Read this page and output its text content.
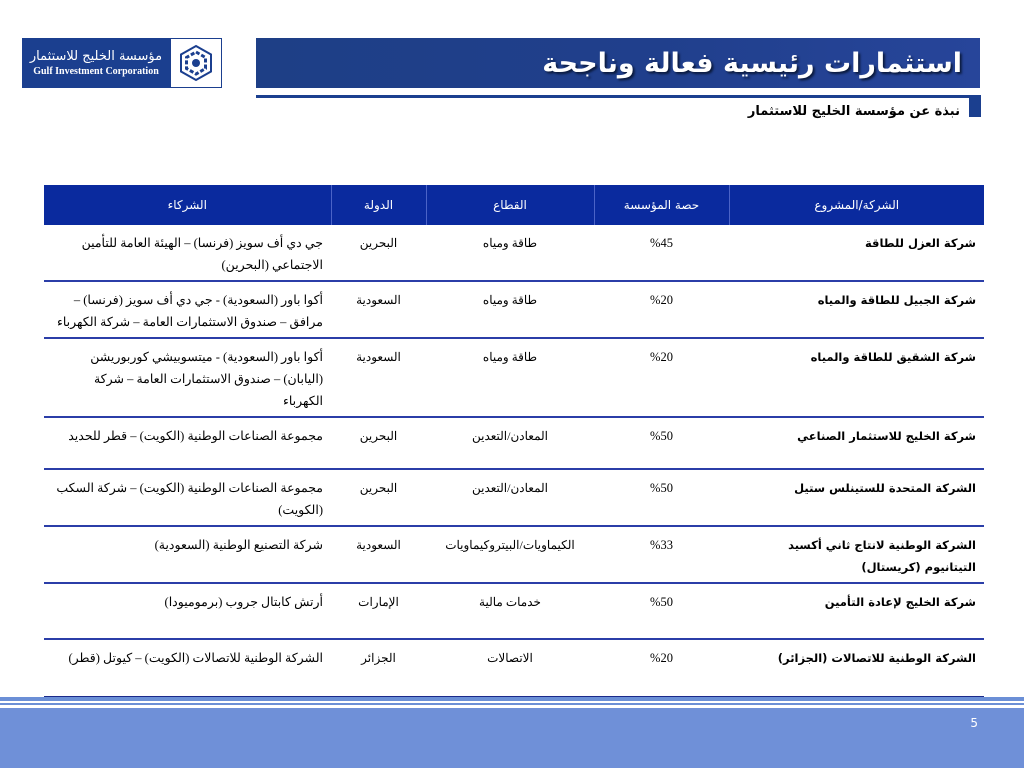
مؤسسة الخليج للاستثمار
Gulf Investment Corporation	استثمارات رئيسية فعالة وناجحة
نبذة عن مؤسسة الخليج للاستثمار
الشركة/المشروع	حصة المؤسسة	القطاع	الدولة	الشركاء
شركة العزل للطاقة	%45	طاقة ومياه	البحرين	جي دي أف سويز (فرنسا) – الهيئة العامة للتأمين الاجتماعي (البحرين)
شركة الجبيل للطاقة والمياه	%20	طاقة ومياه	السعودية	أكوا باور (السعودية) - جي دي أف سويز (فرنسا) – مرافق – صندوق الاستثمارات العامة – شركة الكهرباء
شركة الشقيق للطاقة والمياه	%20	طاقة ومياه	السعودية	أكوا باور (السعودية) - ميتسوبيشي كوربوريشن (اليابان) – صندوق الاستثمارات العامة – شركة الكهرباء
شركة الخليج للاستثمار الصناعي	%50	المعادن/التعدين	البحرين	مجموعة الصناعات الوطنية (الكويت) – قطر للحديد
الشركة المتحدة للستينلس ستيل	%50	المعادن/التعدين	البحرين	مجموعة الصناعات الوطنية (الكويت) – شركة السكب (الكويت)
الشركة الوطنية لانتاج ثاني أكسيد التيتانيوم (كريستال)	%33	الكيماويات/البيتروكيماويات	السعودية	شركة التصنيع الوطنية (السعودية)
شركة الخليج لإعادة التأمين	%50	خدمات مالية	الإمارات	أرتش كابتال جروب (برموميودا)
الشركة الوطنية للاتصالات (الجزائر)	%20	الاتصالات	الجزائر	الشركة الوطنية للاتصالات (الكويت) – كيوتل (قطر)
5
